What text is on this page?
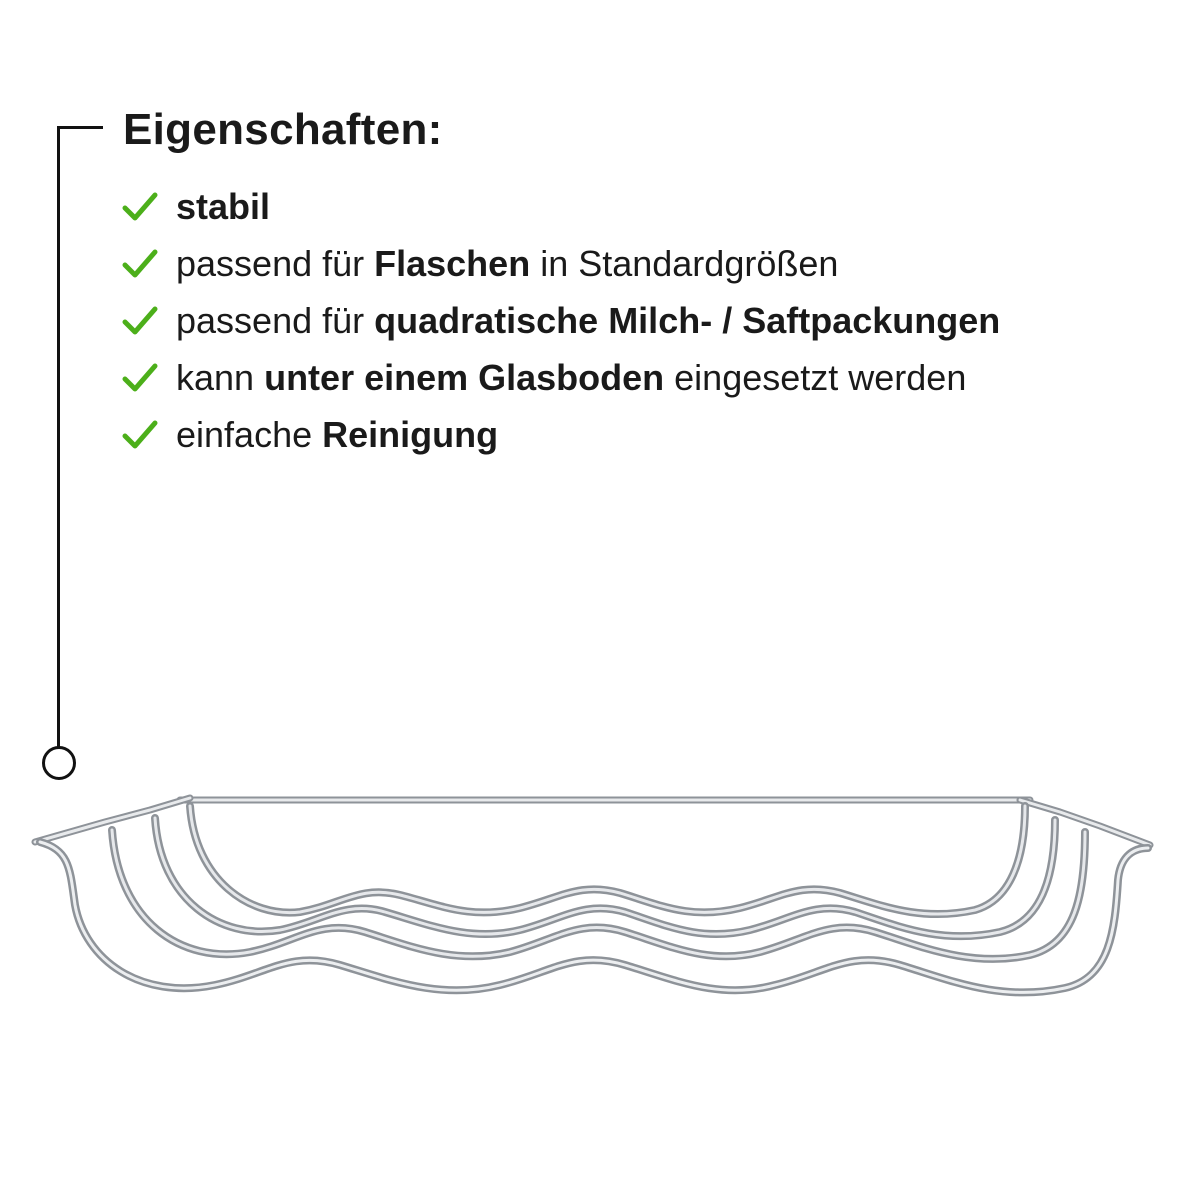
Eigenschaften:
stabil
passend für Flaschen in Standardgrößen
passend für quadratische Milch- / Saftpackungen
kann unter einem Glasboden eingesetzt werden
einfache Reinigung
